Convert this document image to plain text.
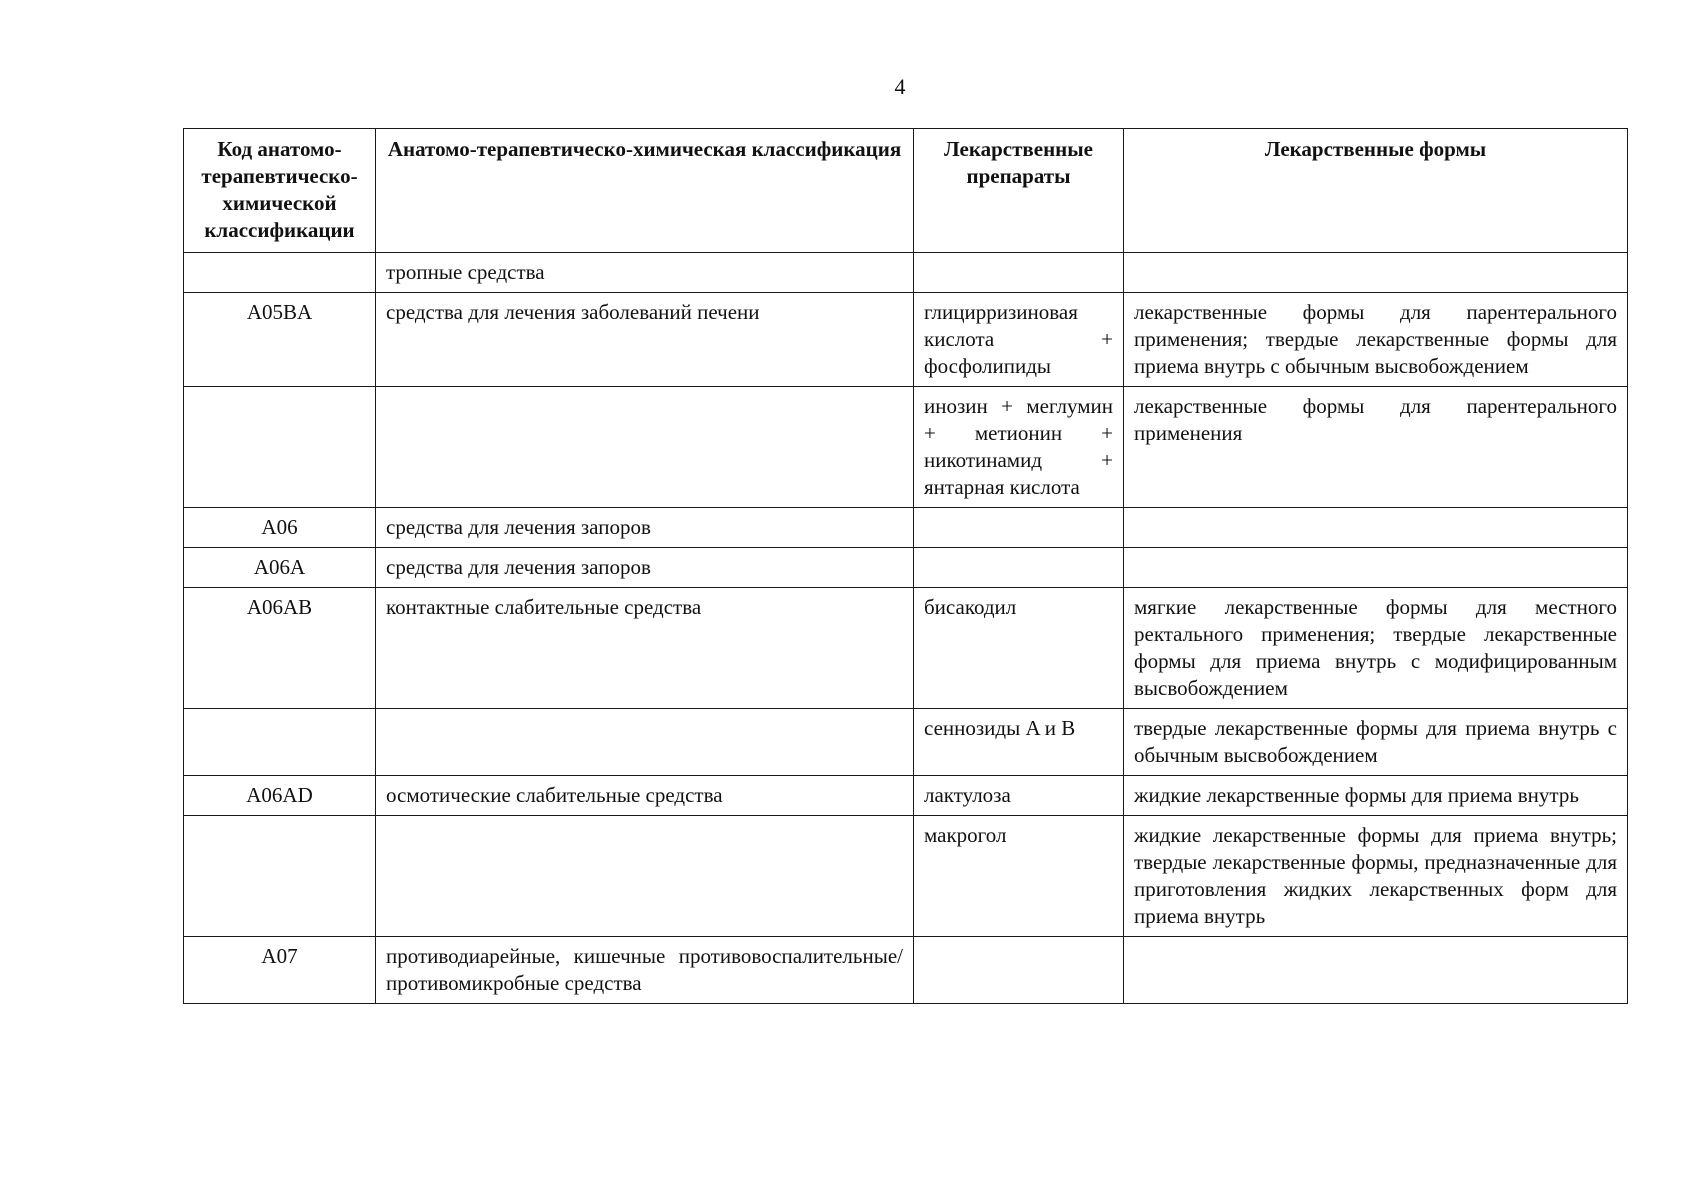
4
Код анатомо-терапевтическо-химической классификации	Анатомо-терапевтическо-химическая классификация	Лекарственные препараты	Лекарственные формы
	тропные средства		
A05BA	средства для лечения заболеваний печени	глицирризиновая кислота + фосфолипиды	лекарственные формы для парентерального применения; твердые лекарственные формы для приема внутрь с обычным высвобождением
		инозин + меглумин + метионин + никотинамид + янтарная кислота	лекарственные формы для парентерального применения
A06	средства для лечения запоров		
A06A	средства для лечения запоров		
A06AB	контактные слабительные средства	бисакодил	мягкие лекарственные формы для местного ректального применения; твердые лекарственные формы для приема внутрь с модифицированным высвобождением
		сеннозиды A и B	твердые лекарственные формы для приема внутрь с обычным высвобождением
A06AD	осмотические слабительные средства	лактулоза	жидкие лекарственные формы для приема внутрь
		макрогол	жидкие лекарственные формы для приема внутрь; твердые лекарственные формы, предназначенные для приготовления жидких лекарственных форм для приема внутрь
A07	противодиарейные, кишечные противовоспалительные/ противомикробные средства		
